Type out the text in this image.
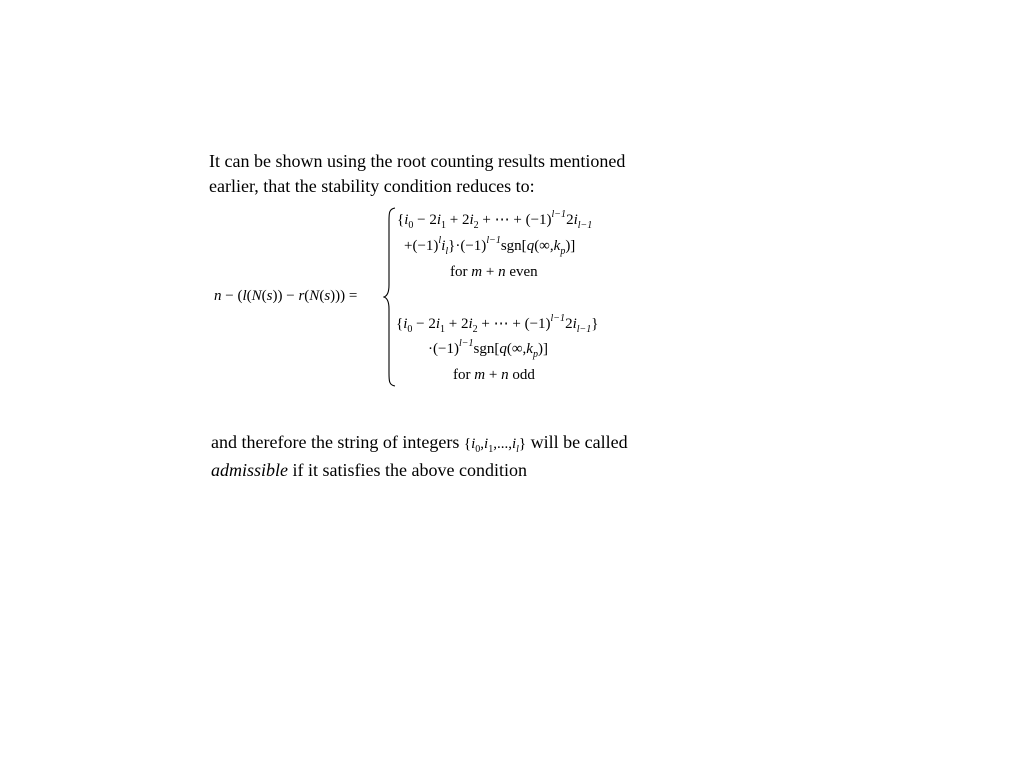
It can be shown using the root counting results mentioned
earlier, that the stability condition reduces to:
n − (l(N(s)) − r(N(s))) =
{$i_0 - 2i_1 + 2i_2$ + ⋯ + $(-1)^{l-1}2i_{l-1}$
$+(-1)^li_l\}\cdot(-1)^{l-1}sgn[q(\infty,k_p)]$
for m + n even
{$i_0 - 2i_1 + 2i_2$ + ⋯ + $(-1)^{l-1}2i_{l-1}$}
$\cdot(-1)^{l-1}sgn[q(\infty,k_p)]$
for m + n odd
and therefore the string of integers $\{i_0,i_1,...,i_l\}$ will be called
admissible if it satisfies the above condition
